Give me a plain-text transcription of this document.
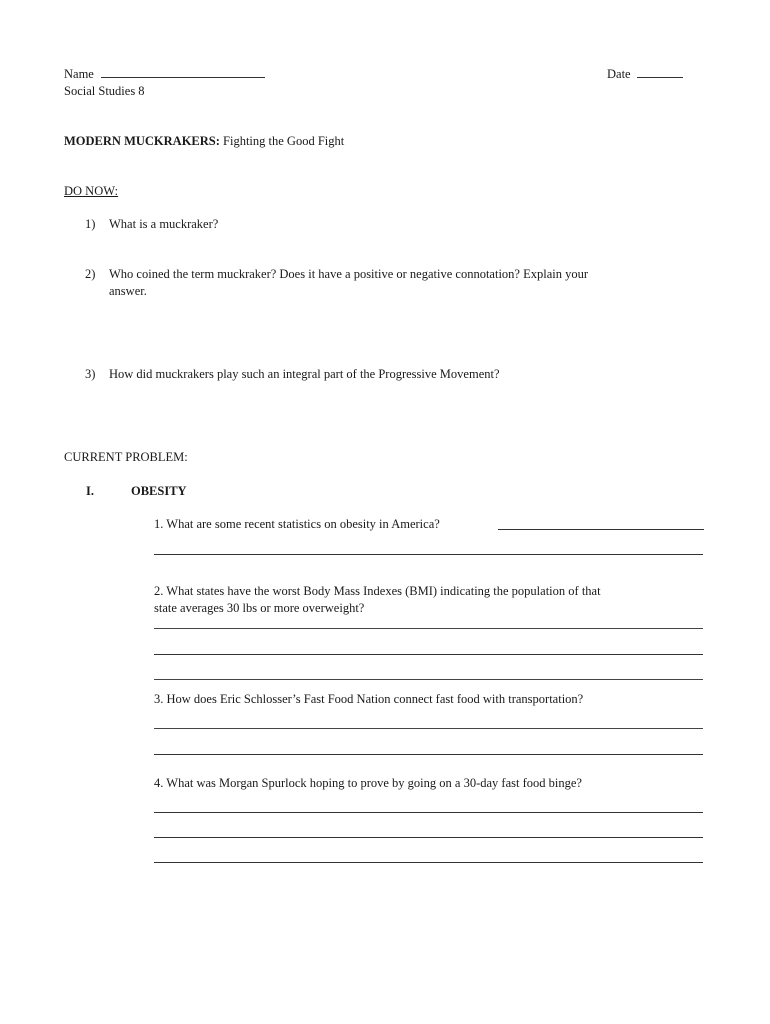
Name	Date
Social Studies 8
MODERN MUCKRAKERS: Fighting the Good Fight
DO NOW:
1) What is a muckraker?
2) Who coined the term muckraker? Does it have a positive or negative connotation? Explain your
answer.
3) How did muckrakers play such an integral part of the Progressive Movement?
CURRENT PROBLEM:
I.	OBESITY
1. What are some recent statistics on obesity in America?
2. What states have the worst Body Mass Indexes (BMI) indicating the population of that
state averages 30 lbs or more overweight?
3. How does Eric Schlosser’s Fast Food Nation connect fast food with transportation?
4. What was Morgan Spurlock hoping to prove by going on a 30-day fast food binge?
